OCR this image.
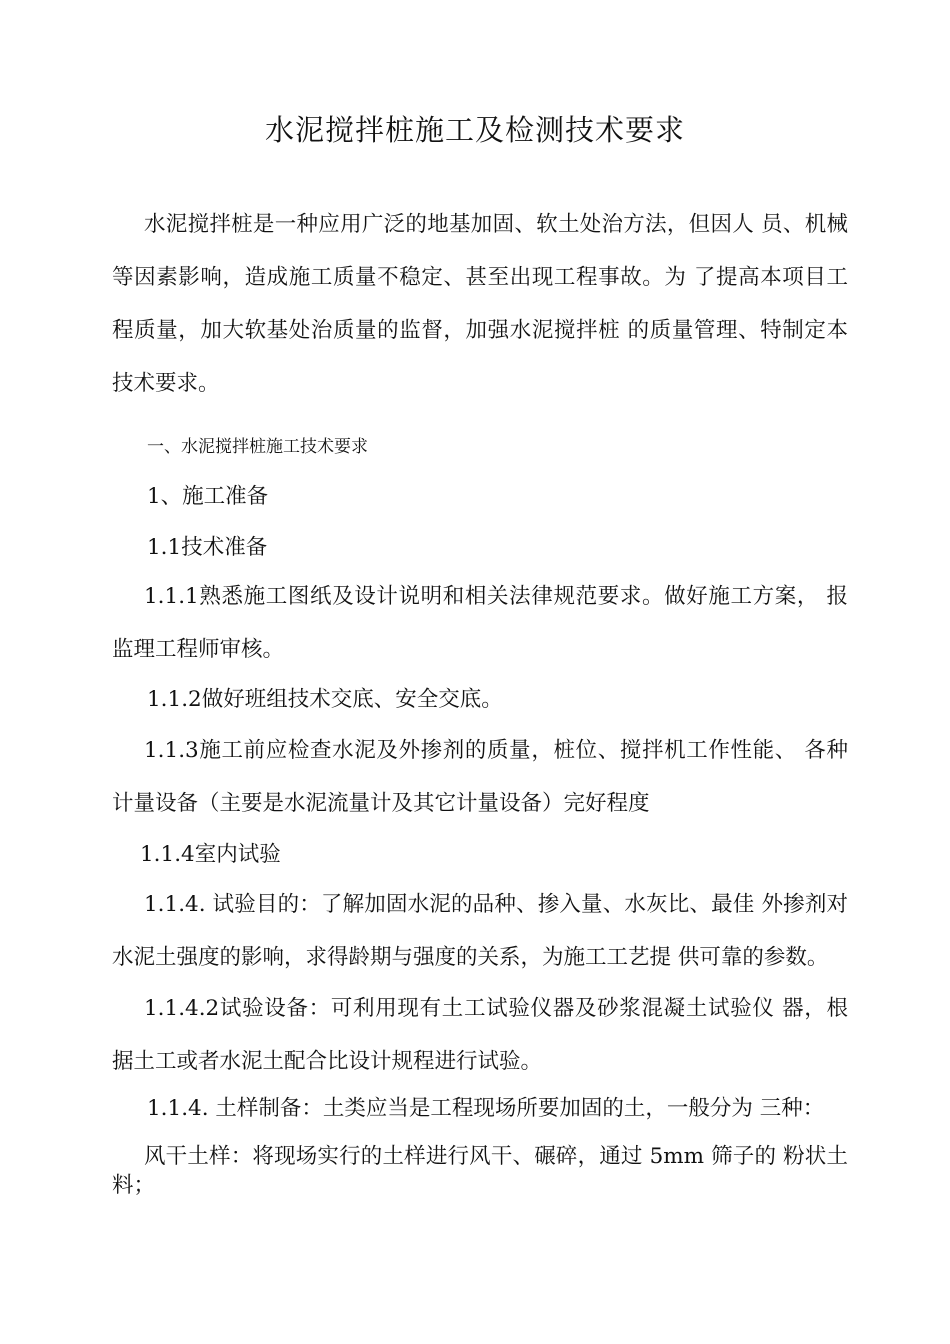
水泥搅拌桩施工及检测技术要求

水泥搅拌桩是一种应用广泛的地基加固、软土处治方法，但因人 员、机械等因素影响，造成施工质量不稳定、甚至出现工程事故。为 了提高本项目工程质量，加大软基处治质量的监督，加强水泥搅拌桩 的质量管理、特制定本技术要求。

一、水泥搅拌桩施工技术要求
1、施工准备
1.1技术准备

1.1.1熟悉施工图纸及设计说明和相关法律规范要求。做好施工方案， 报监理工程师审核。

1.1.2做好班组技术交底、安全交底。

1.1.3施工前应检查水泥及外掺剂的质量，桩位、搅拌机工作性能、 各种计量设备（主要是水泥流量计及其它计量设备）完好程度

1.1.4室内试验

1.1.4. 试验目的：了解加固水泥的品种、掺入量、水灰比、最佳 外掺剂对水泥土强度的影响，求得龄期与强度的关系，为施工工艺提 供可靠的参数。

1.1.4.2试验设备：可利用现有土工试验仪器及砂浆混凝土试验仪 器，根据土工或者水泥土配合比设计规程进行试验。

1.1.4. 土样制备：土类应当是工程现场所要加固的土，一般分为 三种：

风干土样：将现场实行的土样进行风干、碾碎，通过 5mm 筛子的 粉状土料；
